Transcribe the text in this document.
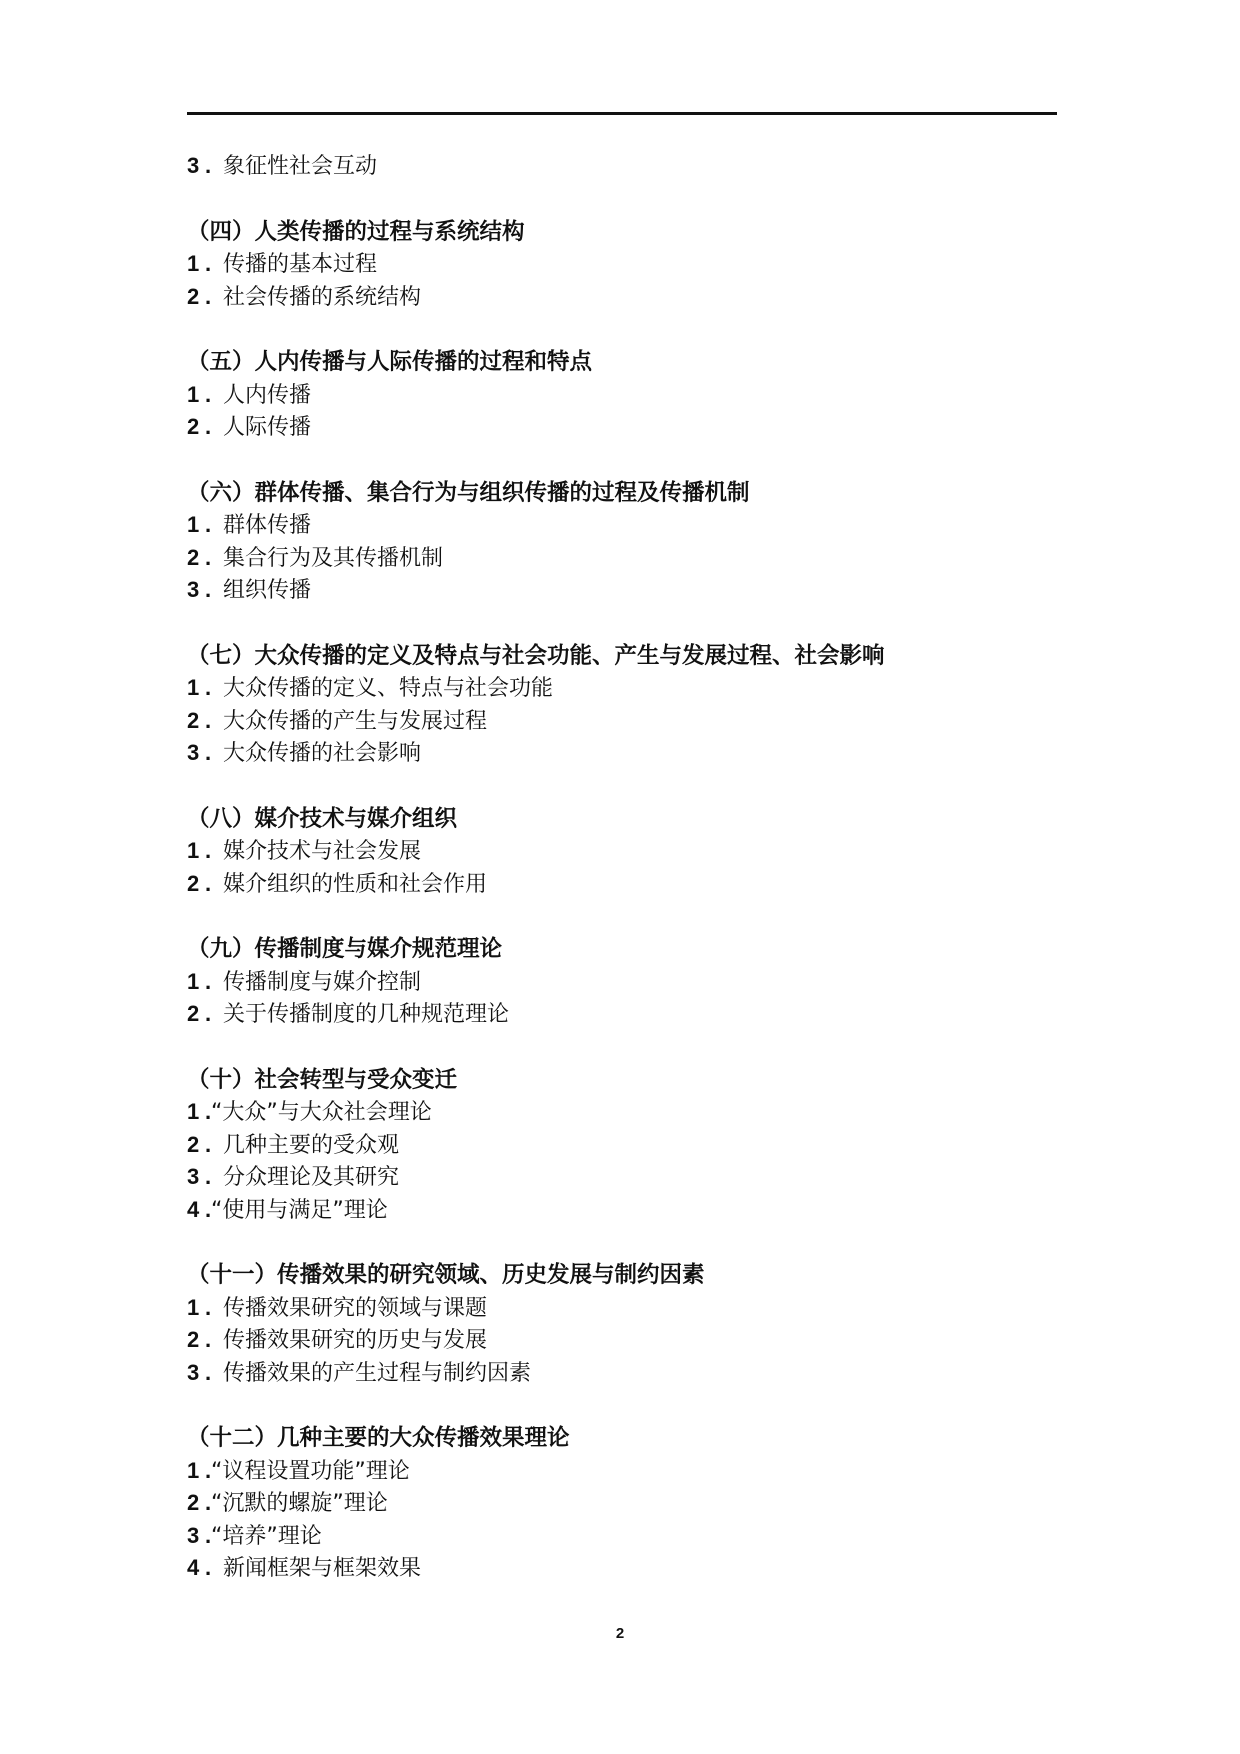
3 . 象征性社会互动
（四）人类传播的过程与系统结构
1 . 传播的基本过程
2 . 社会传播的系统结构
（五）人内传播与人际传播的过程和特点
1 . 人内传播
2 . 人际传播
（六）群体传播、集合行为与组织传播的过程及传播机制
1 . 群体传播
2 . 集合行为及其传播机制
3 . 组织传播
（七）大众传播的定义及特点与社会功能、产生与发展过程、社会影响
1 . 大众传播的定义、特点与社会功能
2 . 大众传播的产生与发展过程
3 . 大众传播的社会影响
（八）媒介技术与媒介组织
1 . 媒介技术与社会发展
2 . 媒介组织的性质和社会作用
（九）传播制度与媒介规范理论
1 . 传播制度与媒介控制
2 . 关于传播制度的几种规范理论
（十）社会转型与受众变迁
1 .“大众”与大众社会理论
2 . 几种主要的受众观
3 . 分众理论及其研究
4 .“使用与满足”理论
（十一）传播效果的研究领域、历史发展与制约因素
1 . 传播效果研究的领域与课题
2 . 传播效果研究的历史与发展
3 . 传播效果的产生过程与制约因素
（十二）几种主要的大众传播效果理论
1 .“议程设置功能”理论
2 .“沉默的螺旋”理论
3 .“培养”理论
4 . 新闻框架与框架效果
2
